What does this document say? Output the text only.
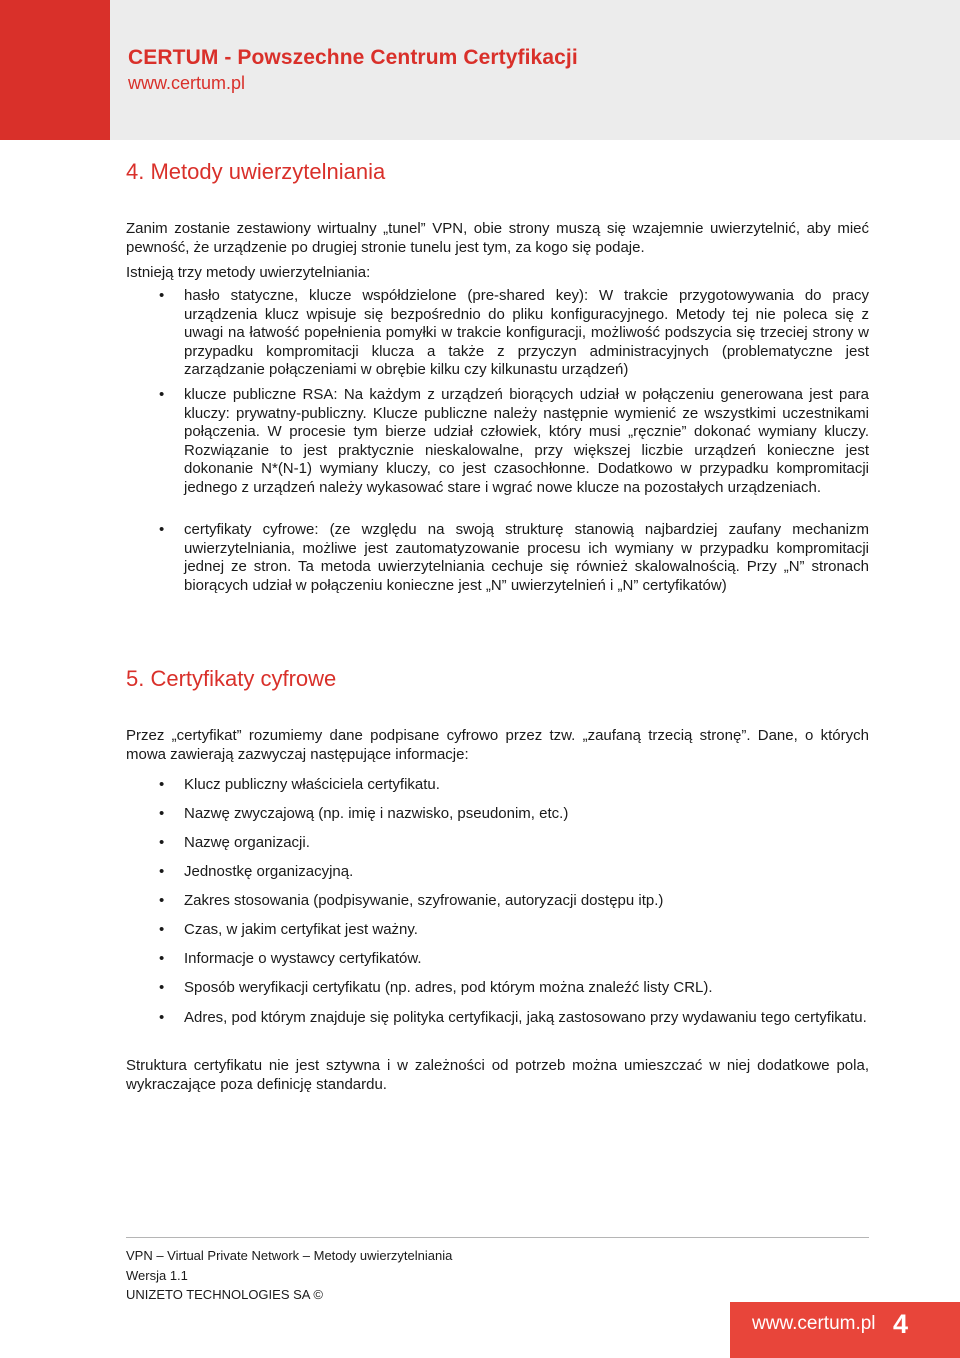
CERTUM - Powszechne Centrum Certyfikacji
www.certum.pl
4. Metody uwierzytelniania

Zanim zostanie zestawiony wirtualny „tunel” VPN, obie strony muszą się wzajemnie uwierzytelnić, aby mieć pewność, że urządzenie po drugiej stronie tunelu jest tym, za kogo się podaje.

Istnieją trzy metody uwierzytelniania:

• hasło statyczne, klucze współdzielone (pre-shared key): W trakcie przygotowywania do pracy urządzenia klucz wpisuje się bezpośrednio do pliku konfiguracyjnego. Metody tej nie poleca się z uwagi na łatwość popełnienia pomyłki w trakcie konfiguracji, możliwość podszycia się trzeciej strony w przypadku kompromitacji klucza a także z przyczyn administracyjnych (problematyczne jest zarządzanie połączeniami w obrębie kilku czy kilkunastu urządzeń)
• klucze publiczne RSA: Na każdym z urządzeń biorących udział w połączeniu generowana jest para kluczy: prywatny-publiczny. Klucze publiczne należy następnie wymienić ze wszystkimi uczestnikami połączenia. W procesie tym bierze udział człowiek, który musi „ręcznie” dokonać wymiany kluczy. Rozwiązanie to jest praktycznie nieskalowalne, przy większej liczbie urządzeń konieczne jest dokonanie N*(N-1) wymiany kluczy, co jest czasochłonne. Dodatkowo w przypadku kompromitacji jednego z urządzeń należy wykasować stare i wgrać nowe klucze na pozostałych urządzeniach.
• certyfikaty cyfrowe: (ze względu na swoją strukturę stanowią najbardziej zaufany mechanizm uwierzytelniania, możliwe jest zautomatyzowanie procesu ich wymiany w przypadku kompromitacji jednej ze stron. Ta metoda uwierzytelniania cechuje się również skalowalnością. Przy „N” stronach biorących udział w połączeniu konieczne jest „N” uwierzytelnień i „N” certyfikatów)
5. Certyfikaty cyfrowe

Przez „certyfikat” rozumiemy dane podpisane cyfrowo przez tzw. „zaufaną trzecią stronę”. Dane, o których mowa zawierają zazwyczaj następujące informacje:

• Klucz publiczny właściciela certyfikatu.
• Nazwę zwyczajową (np. imię i nazwisko, pseudonim, etc.)
• Nazwę organizacji.
• Jednostkę organizacyjną.
• Zakres stosowania (podpisywanie, szyfrowanie, autoryzacji dostępu itp.)
• Czas, w jakim certyfikat jest ważny.
• Informacje o wystawcy certyfikatów.
• Sposób weryfikacji certyfikatu (np. adres, pod którym można znaleźć listy CRL).
• Adres, pod którym znajduje się polityka certyfikacji, jaką zastosowano przy wydawaniu tego certyfikatu.

Struktura certyfikatu nie jest sztywna i w zależności od potrzeb można umieszczać w niej dodatkowe pola, wykraczające poza definicję standardu.

VPN – Virtual Private Network – Metody uwierzytelniania
Wersja 1.1
UNIZETO TECHNOLOGIES SA ©
www.certum.pl 4
